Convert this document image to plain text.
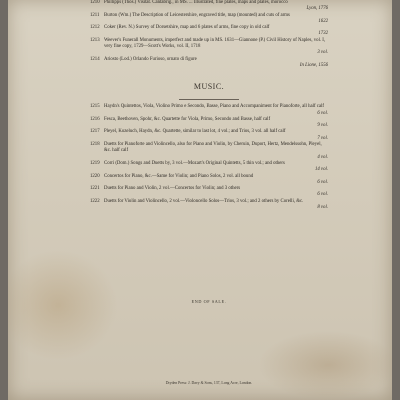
1210 Phillipps (Thos.) Visitat. Cantabrig., in MS. ... Illustrated, fine plates, maps and plates, morocco
Lyon, 1776
1211 Burton (Wm.) The Description of Leicestershire, engraved title, map (mounted) and cuts of arms
1622
1212 Coker (Rev. N.) Survey of Dorsetshire, map and 6 plates of arms, fine copy in old calf
1732
1213 Weever's Funerall Monuments, imperfect and made up in MS. 1631—Giannone (P.) Civil History of Naples, vol. I, very fine copy, 1729—Scott's Works, vol. II, 1718
3 vol.
1214 Ariosto (Lod.) Orlando Furioso, ornato di figure
In Lione, 1556
MUSIC.
1215 Haydn's Quintettos, Viola, Violino Primo e Secondo, Basse, Piano and Accompaniment for Pianoforte, all half calf
6 vol.
1216 Fesca, Beethoven, Spohr, &c. Quartette for Viola, Primo, Secondo and Basse, half calf
9 vol.
1217 Pleyel, Kozeluch, Haydn, &c. Quartette, similar to last lot, 4 vol.; and Trios, 3 vol. all half calf
7 vol.
1218 Duetts for Pianoforte and Violincello, also for Piano and Violin, by Cheruin, Duport, Hertz, Mendelssohn, Pleyel, &c. half calf
4 vol.
1219 Corri (Dom.) Songs and Duetts by, 3 vol.—Mozart's Original Quintetts, 5 thin vol.; and others
14 vol.
1220 Concertos for Piano, &c.—Same for Violin; and Piano Solos, 2 vol. all bound
6 vol.
1221 Duetts for Piano and Violin, 2 vol.—Concertos for Violin; and 3 others
6 vol.
1222 Duetts for Violin and Violincello, 2 vol.—Violoncello Solos—Trios, 3 vol.; and 2 others by Corelli, &c.
8 vol.
END OF SALE.
Dryden Press: J. Davy & Sons, 137, Long Acre, London.
